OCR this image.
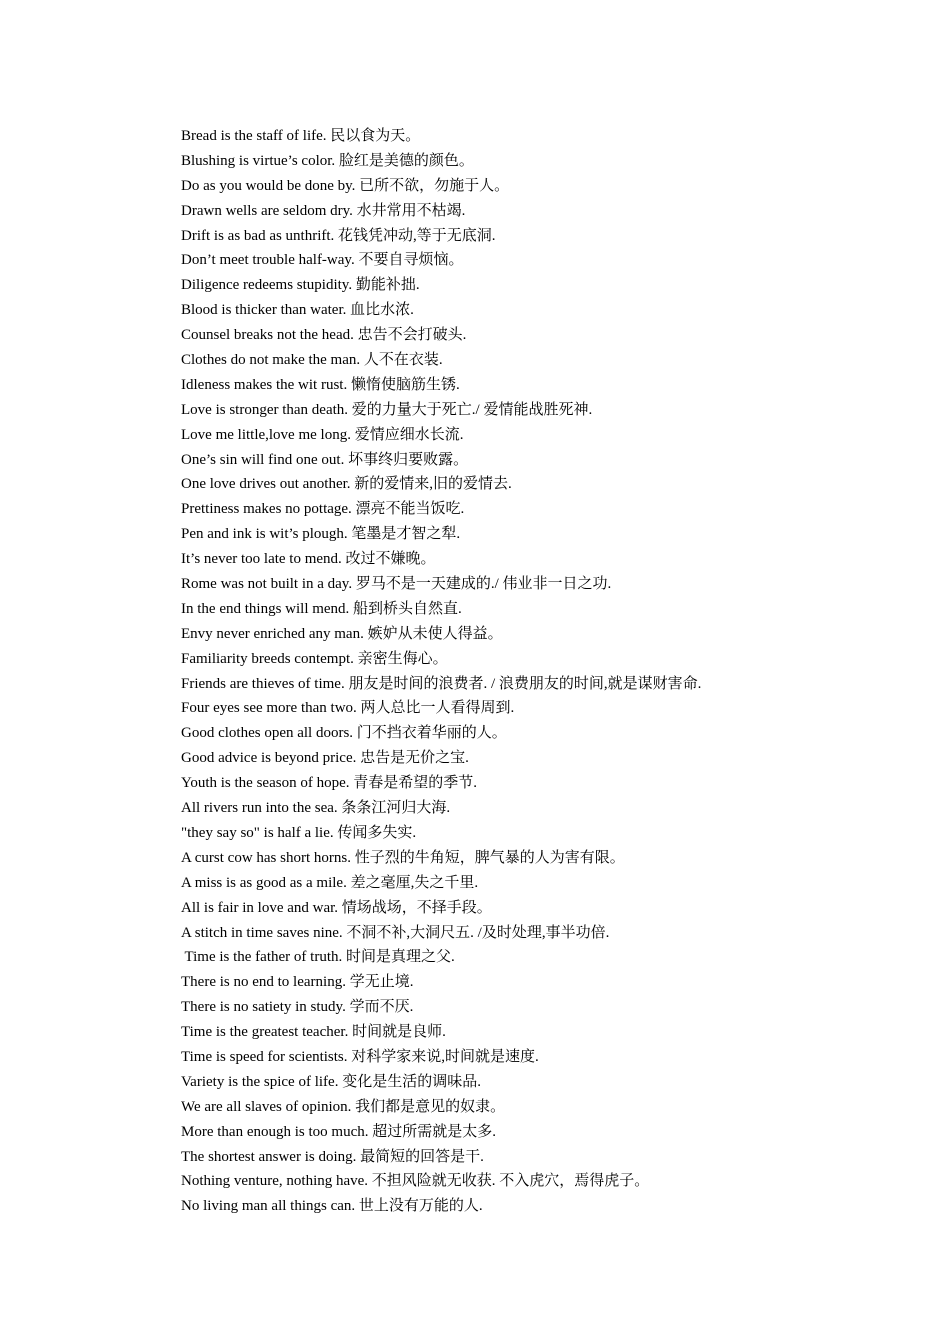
Bread is the staff of life. 民以食为天。
Blushing is virtue’s color. 脸红是美德的颜色。
Do as you would be done by. 已所不欲，勿施于人。
Drawn wells are seldom dry. 水井常用不枯竭.
Drift is as bad as unthrift. 花钱凭冲动,等于无底洞.
Don’t meet trouble half-way. 不要自寻烦恼。
Diligence redeems stupidity. 勤能补拙.
Blood is thicker than water. 血比水浓.
Counsel breaks not the head. 忠告不会打破头.
Clothes do not make the man. 人不在衣装.
Idleness makes the wit rust. 懒惰使脑筋生锈.
Love is stronger than death. 爱的力量大于死亡./ 爱情能战胜死神.
Love me little,love me long. 爱情应细水长流.
One’s sin will find one out. 坏事终归要败露。
One love drives out another. 新的爱情来,旧的爱情去.
Prettiness makes no pottage. 漂亮不能当饭吃.
Pen and ink is wit’s plough. 笔墨是才智之犁.
It’s never too late to mend. 改过不嫌晚。
Rome was not built in a day. 罗马不是一天建成的./ 伟业非一日之功.
In the end things will mend. 船到桥头自然直.
Envy never enriched any man. 嫉妒从未使人得益。
Familiarity breeds contempt. 亲密生侮心。
Friends are thieves of time. 朋友是时间的浪费者. / 浪费朋友的时间,就是谋财害命.
Four eyes see more than two. 两人总比一人看得周到.
Good clothes open all doors. 门不挡衣着华丽的人。
Good advice is beyond price. 忠告是无价之宝.
Youth is the season of hope. 青春是希望的季节.
All rivers run into the sea. 条条江河归大海.
"they say so" is half a lie. 传闻多失实.
A curst cow has short horns. 性子烈的牛角短，脾气暴的人为害有限。
A miss is as good as a mile. 差之毫厘,失之千里.
All is fair in love and war. 情场战场，不择手段。
A stitch in time saves nine. 不洞不补,大洞尺五. /及时处理,事半功倍.
Time is the father of truth. 时间是真理之父.
There is no end to learning. 学无止境.
There is no satiety in study. 学而不厌.
Time is the greatest teacher. 时间就是良师.
Time is speed for scientists. 对科学家来说,时间就是速度.
Variety is the spice of life. 变化是生活的调味品.
We are all slaves of opinion. 我们都是意见的奴隶。
More than enough is too much. 超过所需就是太多.
The shortest answer is doing. 最简短的回答是干.
Nothing venture, nothing have. 不担风险就无收获. 不入虎穴，焉得虎子。
No living man all things can. 世上没有万能的人.
